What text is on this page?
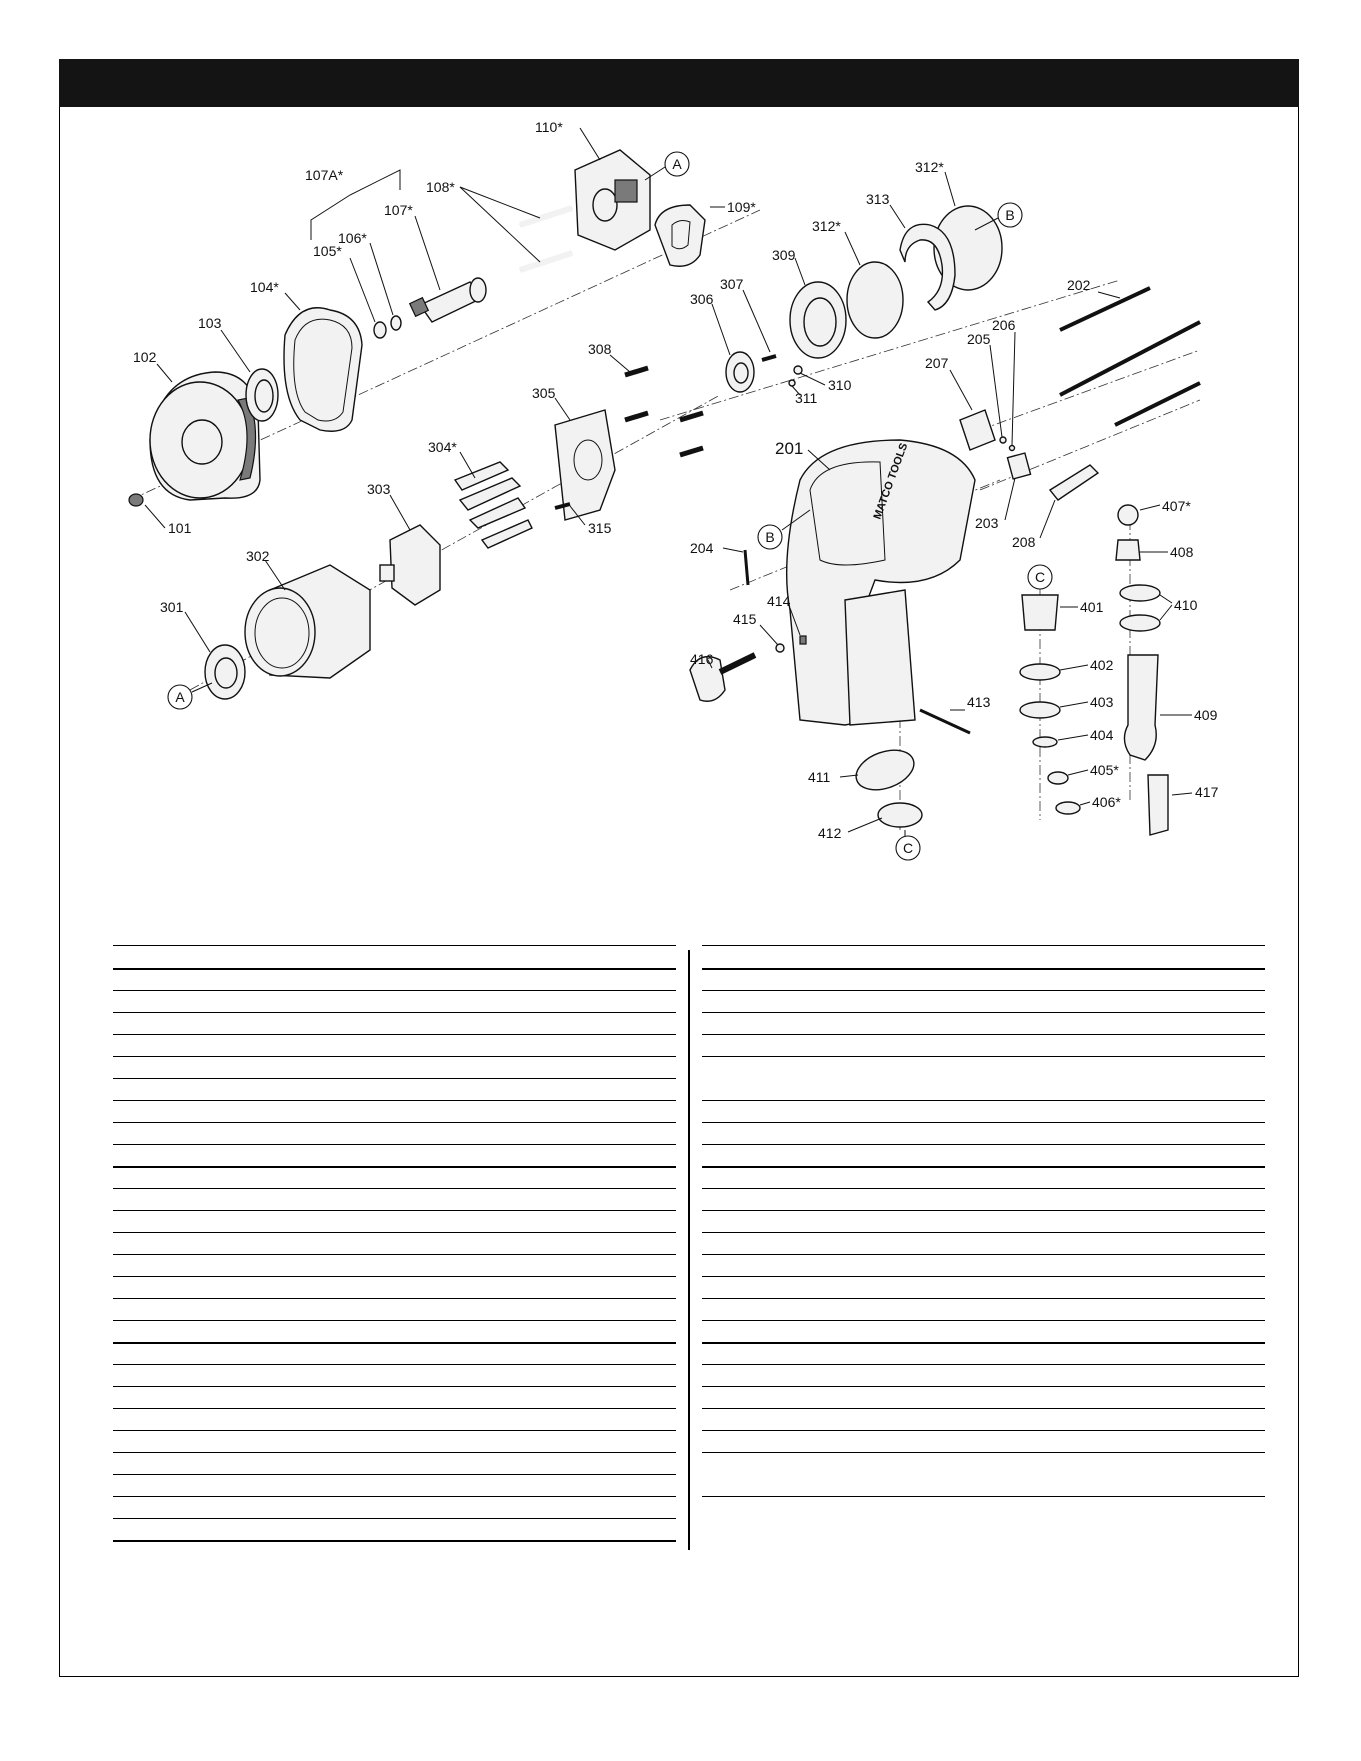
A
A
B
B
C
C
MATCO TOOLS
101
102
103
104*
105*
106*
107*
107A*
108*
109*
110*
201
202
203
204
205
206
207
208
301
302
303
304*
305
306
307
308
309
310
311
312*
312*
313
315
401
402
403
404
405*
406*
407*
408
409
410
411
412
413
414
415
416
417
